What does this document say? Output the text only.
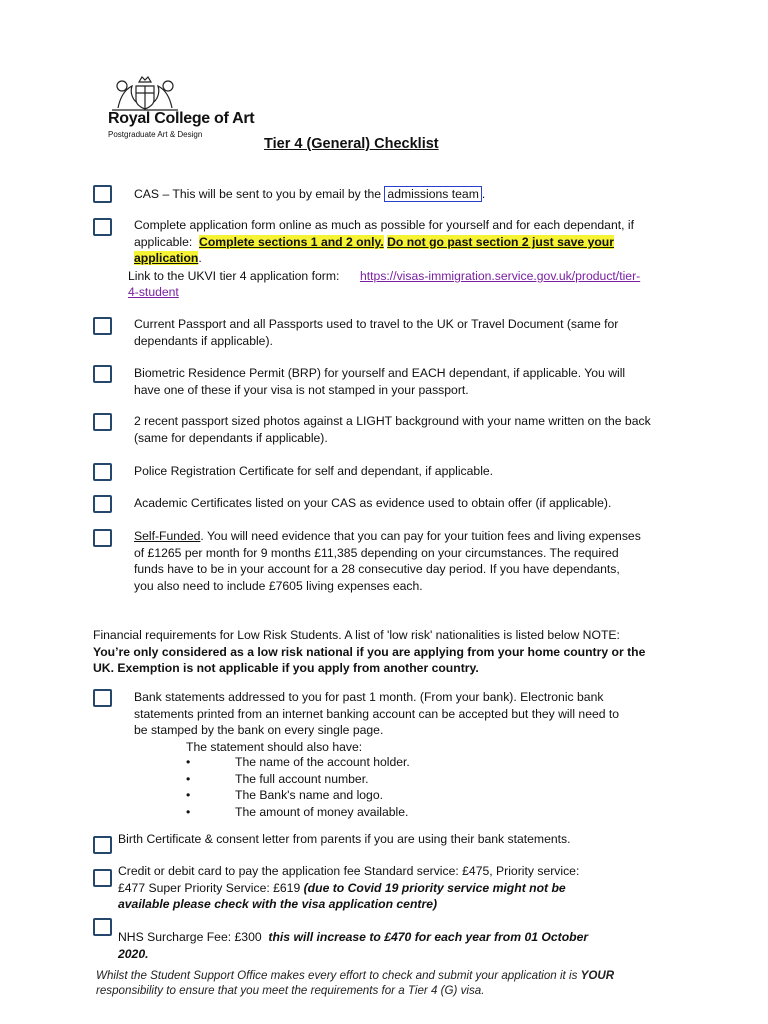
Royal College of Art
Postgraduate Art & Design
Tier 4 (General) Checklist
CAS – This will be sent to you by email by the admissions team .
Complete application form online as much as possible for yourself and for each dependant, if
applicable:  Complete sections 1 and 2 only. Do not go past section 2 just save your
application.
Link to the UKVI tier 4 application form: https://visas-immigration.service.gov.uk/product/tier-
4-student
Current Passport and all Passports used to travel to the UK or Travel Document (same for
dependants if applicable).
Biometric Residence Permit (BRP) for yourself and EACH dependant, if applicable. You will
have one of these if your visa is not stamped in your passport.
2 recent passport sized photos against a LIGHT background with your name written on the back
(same for dependants if applicable).
Police Registration Certificate for self and dependant, if applicable.
Academic Certificates listed on your CAS as evidence used to obtain offer (if applicable).
Self-Funded. You will need evidence that you can pay for your tuition fees and living expenses
of £1265 per month for 9 months £11,385 depending on your circumstances. The required
funds have to be in your account for a 28 consecutive day period. If you have dependants,
you also need to include £7605 living expenses each.
Financial requirements for Low Risk Students. A list of 'low risk' nationalities is listed below NOTE:
You’re only considered as a low risk national if you are applying from your home country or the
UK. Exemption is not applicable if you apply from another country.
Bank statements addressed to you for past 1 month. (From your bank). Electronic bank
statements printed from an internet banking account can be accepted but they will need to
be stamped by the bank on every single page.
The statement should also have:
•	The name of the account holder.
•	The full account number.
•	The Bank's name and logo.
•	The amount of money available.
Birth Certificate & consent letter from parents if you are using their bank statements.
Credit or debit card to pay the application fee Standard service: £475, Priority service:
£477 Super Priority Service: £619 (due to Covid 19 priority service might not be
available please check with the visa application centre)
NHS Surcharge Fee: £300  this will increase to £470 for each year from 01 October
2020.
Whilst the Student Support Office makes every effort to check and submit your application it is YOUR
responsibility to ensure that you meet the requirements for a Tier 4 (G) visa.
